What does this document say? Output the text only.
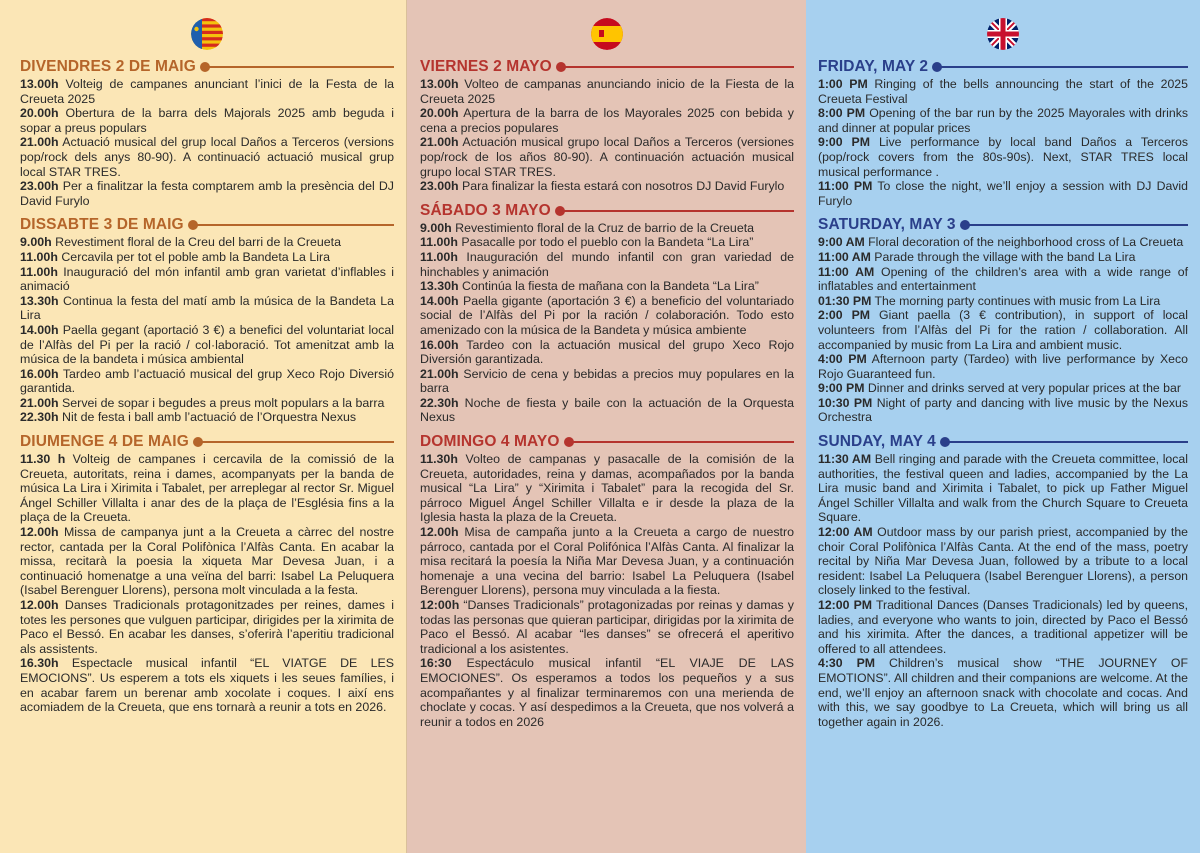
DIVENDRES 2 DE MAIG
13.00h Volteig de campanes anunciant l’inici de la Festa de la Creueta 2025
20.00h Obertura de la barra dels Majorals 2025 amb beguda i sopar a preus populars
21.00h Actuació musical del grup local Daños a Terceros (versions pop/rock dels anys 80-90). A continuació actuació musical grup local STAR TRES.
23.00h Per a finalitzar la festa comptarem amb la presència del DJ David Furylo
DISSABTE 3 DE MAIG
9.00h Revestiment floral de la Creu del barri de la Creueta
11.00h Cercavila per tot el poble amb la Bandeta La Lira
11.00h Inauguració del món infantil amb gran varietat d’inflables i animació
13.30h Continua la festa del matí amb la música de la Bandeta La Lira
14.00h Paella gegant (aportació 3 €) a benefici del voluntariat local de l’Alfàs del Pi per la ració / col·laboració. Tot amenitzat amb la música de la bandeta i música ambiental
16.00h Tardeo amb l’actuació musical del grup Xeco Rojo Diversió garantida.
21.00h Servei de sopar i begudes a preus molt populars a la barra
22.30h Nit de festa i ball amb l’actuació de l’Orquestra Nexus
DIUMENGE 4 DE MAIG
11.30 h Volteig de campanes i cercavila de la comissió de la Creueta, autoritats, reina i dames, acompanyats per la banda de música La Lira i Xirimita i Tabalet, per arreplegar al rector Sr. Miguel Ángel Schiller Villalta i anar des de la plaça de l’Església fins a la plaça de la Creueta.
12.00h Missa de campanya junt a la Creueta a càrrec del nostre rector, cantada per la Coral Polifònica l’Alfàs Canta. En acabar la missa, recitarà la poesia la xiqueta Mar Devesa Juan, i a continuació homenatge a una veïna del barri: Isabel La Peluquera (Isabel Berenguer Llorens), persona molt vinculada a la festa.
12.00h Danses Tradicionals protagonitzades per reines, dames i totes les persones que vulguen participar, dirigides per la xirimita de Paco el Bessó. En acabar les danses, s’oferirà l’aperitiu tradicional als assistents.
16.30h Espectacle musical infantil “EL VIATGE DE LES EMOCIONS”. Us esperem a tots els xiquets i les seues famílies, i en acabar farem un berenar amb xocolate i coques. I així ens acomiadem de la Creueta, que ens tornarà a reunir a tots en 2026.
VIERNES 2 MAYO
13.00h Volteo de campanas anunciando inicio de la Fiesta de la Creueta 2025
20.00h Apertura de la barra de los Mayorales 2025 con bebida y cena a precios populares
21.00h Actuación musical grupo local Daños a Terceros (versiones pop/rock de los años 80-90). A continuación actuación musical grupo local STAR TRES.
23.00h Para finalizar la fiesta estará con nosotros DJ David Furylo
SÁBADO 3 MAYO
9.00h Revestimiento floral de la Cruz de barrio de la Creueta
11.00h Pasacalle por todo el pueblo con la Bandeta “La Lira”
11.00h Inauguración del mundo infantil con gran variedad de hinchables y animación
13.30h Continúa la fiesta de mañana con la Bandeta “La Lira”
14.00h Paella gigante (aportación 3 €) a beneficio del voluntariado social de l’Alfàs del Pi por la ración / colaboración. Todo esto amenizado con la música de la Bandeta y música ambiente
16.00h Tardeo con la actuación musical del grupo Xeco Rojo Diversión garantizada.
21.00h Servicio de cena y bebidas a precios muy populares en la barra
22.30h Noche de fiesta y baile con la actuación de la Orquesta Nexus
DOMINGO 4 MAYO
11.30h Volteo de campanas y pasacalle de la comisión de la Creueta, autoridades, reina y damas, acompañados por la banda musical “La Lira” y “Xirimita i Tabalet” para la recogida del Sr. párroco Miguel Ángel Schiller Villalta e ir desde la plaza de la Iglesia hasta la plaza de la Creueta.
12.00h Misa de campaña junto a la Creueta a cargo de nuestro párroco, cantada por el Coral Polifónica l’Alfàs Canta. Al finalizar la misa recitará la poesía la Niña Mar Devesa Juan, y a continuación homenaje a una vecina del barrio: Isabel La Peluquera (Isabel Berenguer Llorens), persona muy vinculada a la fiesta.
12:00h “Danses Tradicionals” protagonizadas por reinas y damas y todas las personas que quieran participar, dirigidas por la xirimita de Paco el Bessó. Al acabar “les danses” se ofrecerá el aperitivo tradicional a los asistentes.
16:30 Espectáculo musical infantil “EL VIAJE DE LAS EMOCIONES”. Os esperamos a todos los pequeños y a sus acompañantes y al finalizar terminaremos con una merienda de choclate y cocas. Y así despedimos a la Creueta, que nos volverá a reunir a todos en 2026
FRIDAY, MAY 2
1:00 PM Ringing of the bells announcing the start of the 2025 Creueta Festival
8:00 PM Opening of the bar run by the 2025 Mayorales with drinks and dinner at popular prices
9:00 PM Live performance by local band Daños a Terceros (pop/rock covers from the 80s-90s). Next, STAR TRES local musical performance .
11:00 PM To close the night, we’ll enjoy a session with DJ David Furylo
SATURDAY, MAY 3
9:00 AM Floral decoration of the neighborhood cross of La Creueta
11:00 AM Parade through the village with the band La Lira
11:00 AM Opening of the children’s area with a wide range of inflatables and entertainment
01:30 PM The morning party continues with music from La Lira
2:00 PM Giant paella (3 € contribution), in support of local volunteers from l’Alfàs del Pi for the ration / collaboration. All accompanied by music from La Lira and ambient music.
4:00 PM Afternoon party (Tardeo) with live performance by Xeco Rojo Guaranteed fun.
9:00 PM Dinner and drinks served at very popular prices at the bar
10:30 PM Night of party and dancing with live music by the Nexus Orchestra
SUNDAY, MAY 4
11:30 AM Bell ringing and parade with the Creueta committee, local authorities, the festival queen and ladies, accompanied by the La Lira music band and Xirimita i Tabalet, to pick up Father Miguel Ángel Schiller Villalta and walk from the Church Square to Creueta Square.
12:00 AM Outdoor mass by our parish priest, accompanied by the choir Coral Polifònica l’Alfàs Canta. At the end of the mass, poetry recital by Niña Mar Devesa Juan, followed by a tribute to a local resident: Isabel La Peluquera (Isabel Berenguer Llorens), a person closely linked to the festival.
12:00 PM Traditional Dances (Danses Tradicionals) led by queens, ladies, and everyone who wants to join, directed by Paco el Bessó and his xirimita. After the dances, a traditional appetizer will be offered to all attendees.
4:30 PM Children’s musical show “THE JOURNEY OF EMOTIONS”. All children and their companions are welcome. At the end, we’ll enjoy an afternoon snack with chocolate and cocas. And with this, we say goodbye to La Creueta, which will bring us all together again in 2026.
